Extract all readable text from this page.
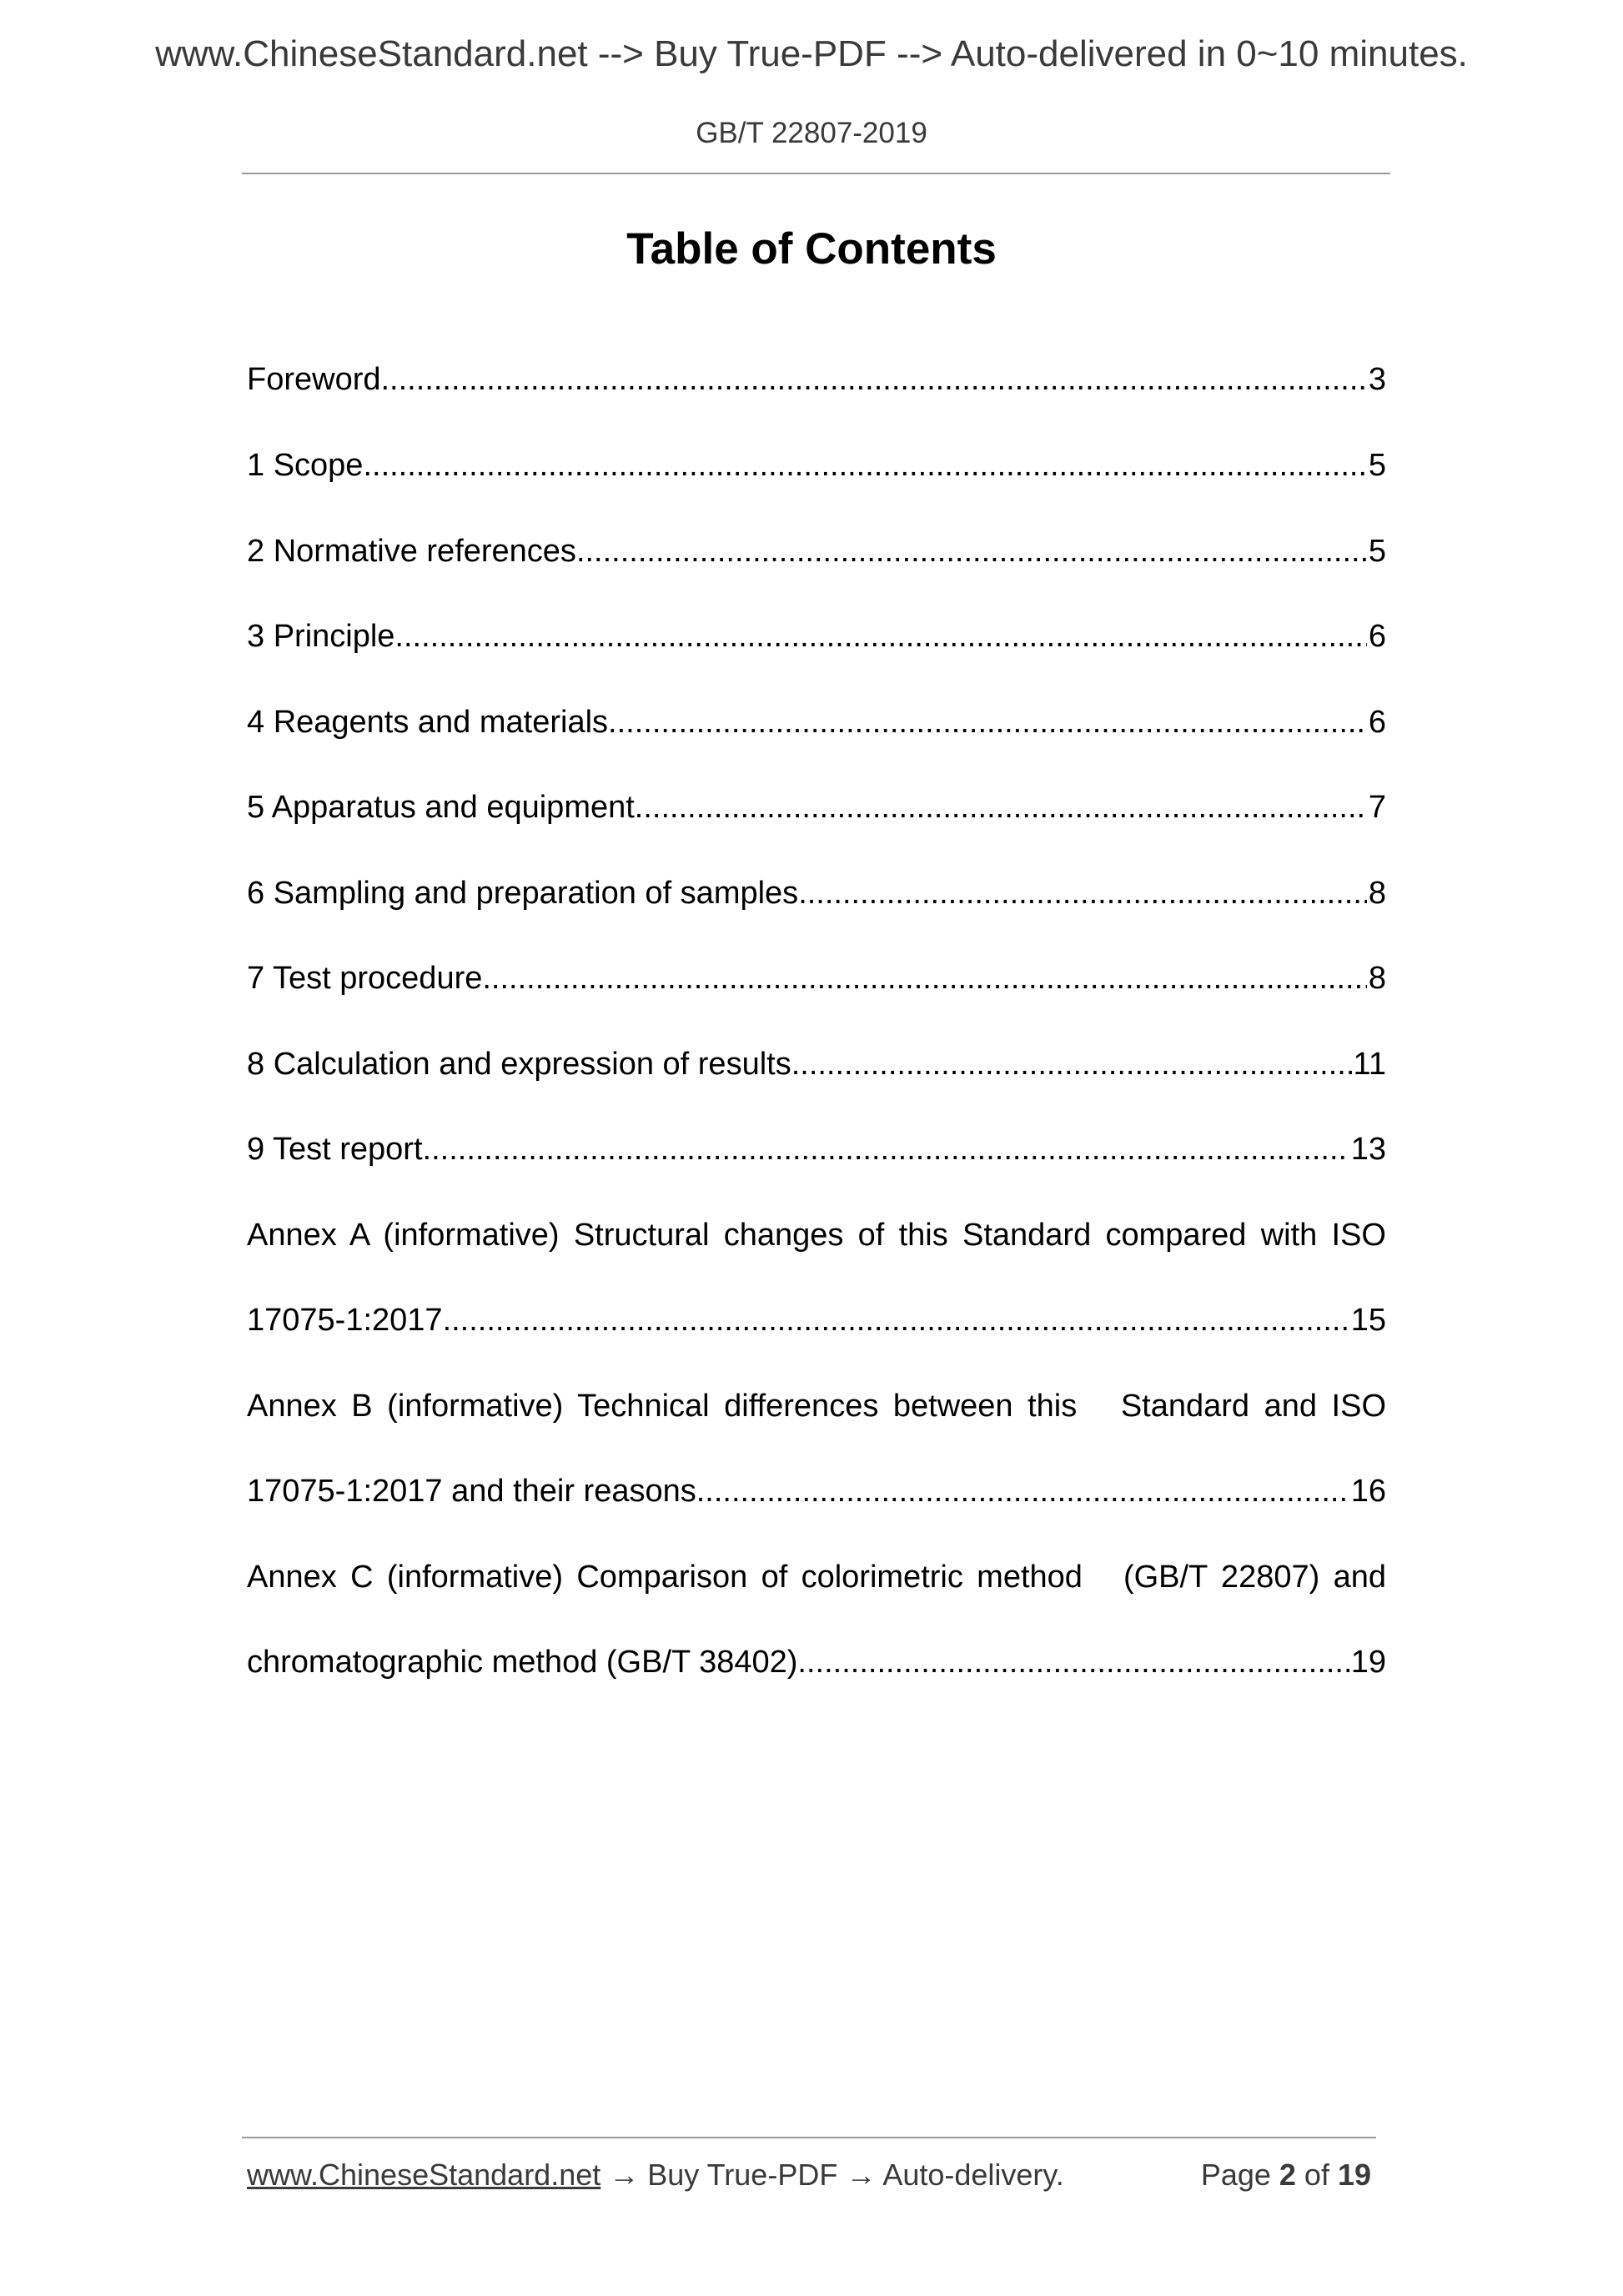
www.ChineseStandard.net --> Buy True-PDF --> Auto-delivered in 0~10 minutes.
GB/T 22807-2019
Table of Contents
Foreword .....	3
1 Scope .....	5
2 Normative references .....	5
3 Principle .....	6
4 Reagents and materials .....	6
5 Apparatus and equipment .....	7
6 Sampling and preparation of samples .....	8
7 Test procedure .....	8
8 Calculation and expression of results .....	11
9 Test report .....	13
Annex A (informative) Structural changes of this Standard compared with ISO
17075-1:2017 .....	15
Annex B (informative) Technical differences between this   Standard and ISO
17075-1:2017 and their reasons .....	16
Annex C (informative) Comparison of colorimetric method   (GB/T 22807) and
chromatographic method (GB/T 38402) .....	19
www.ChineseStandard.net → Buy True-PDF → Auto-delivery.	Page 2 of 19
